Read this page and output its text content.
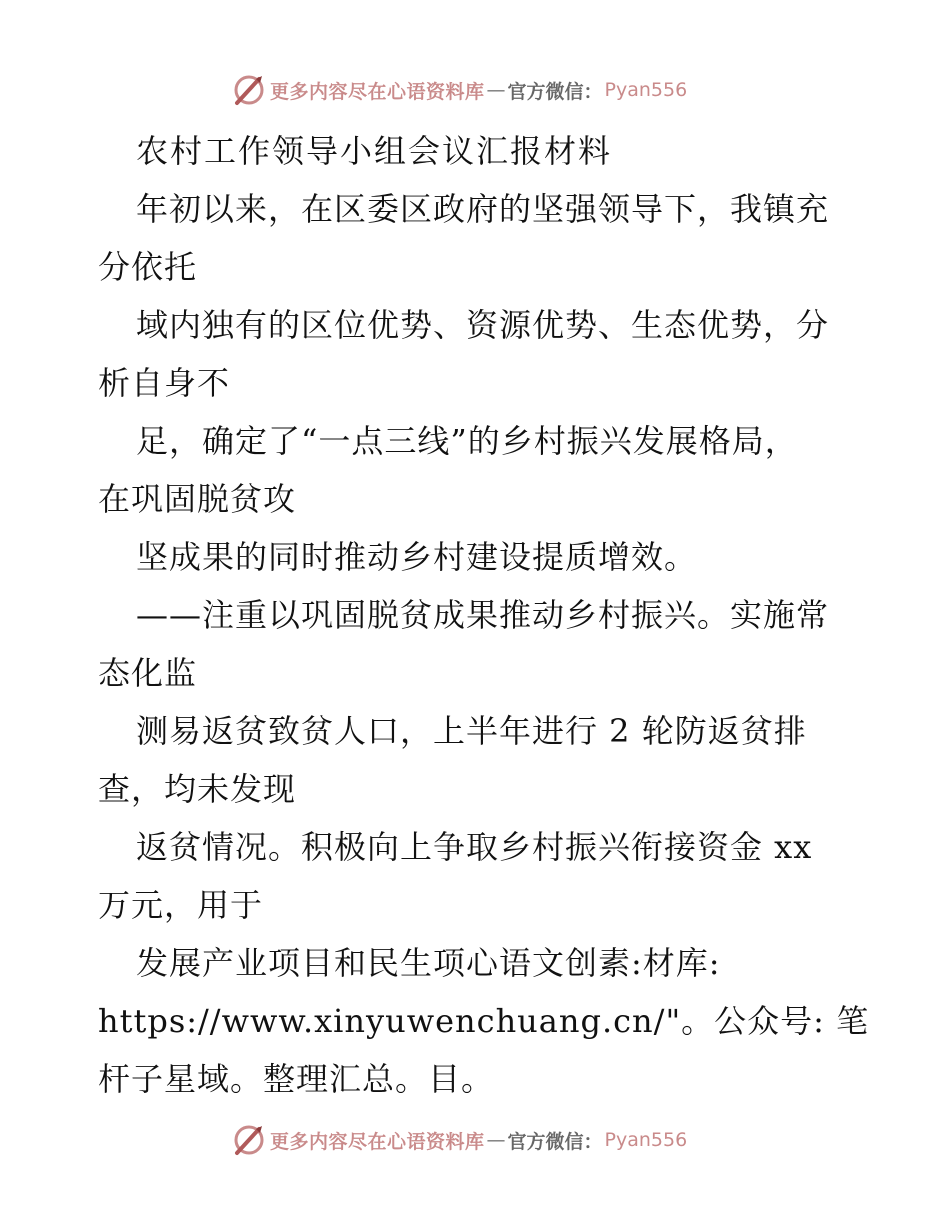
更多内容尽在心语资料库 — 官方微信： Pyan556
农村工作领导小组会议汇报材料
年初以来，在区委区政府的坚强领导下，我镇充
分依托
域内独有的区位优势、资源优势、生态优势，分
析自身不
足，确定了“一点三线”的乡村振兴发展格局，
在巩固脱贫攻
坚成果的同时推动乡村建设提质增效。
——注重以巩固脱贫成果推动乡村振兴。实施常
态化监
测易返贫致贫人口，上半年进行 2 轮防返贫排
查，均未发现
返贫情况。积极向上争取乡村振兴衔接资金 xx
万元，用于
发展产业项目和民生项心语文创素:材库:
https://www.xinyuwenchuang.cn/"。公众号: 笔
杆子星域。整理汇总。目。
更多内容尽在心语资料库 — 官方微信： Pyan556
